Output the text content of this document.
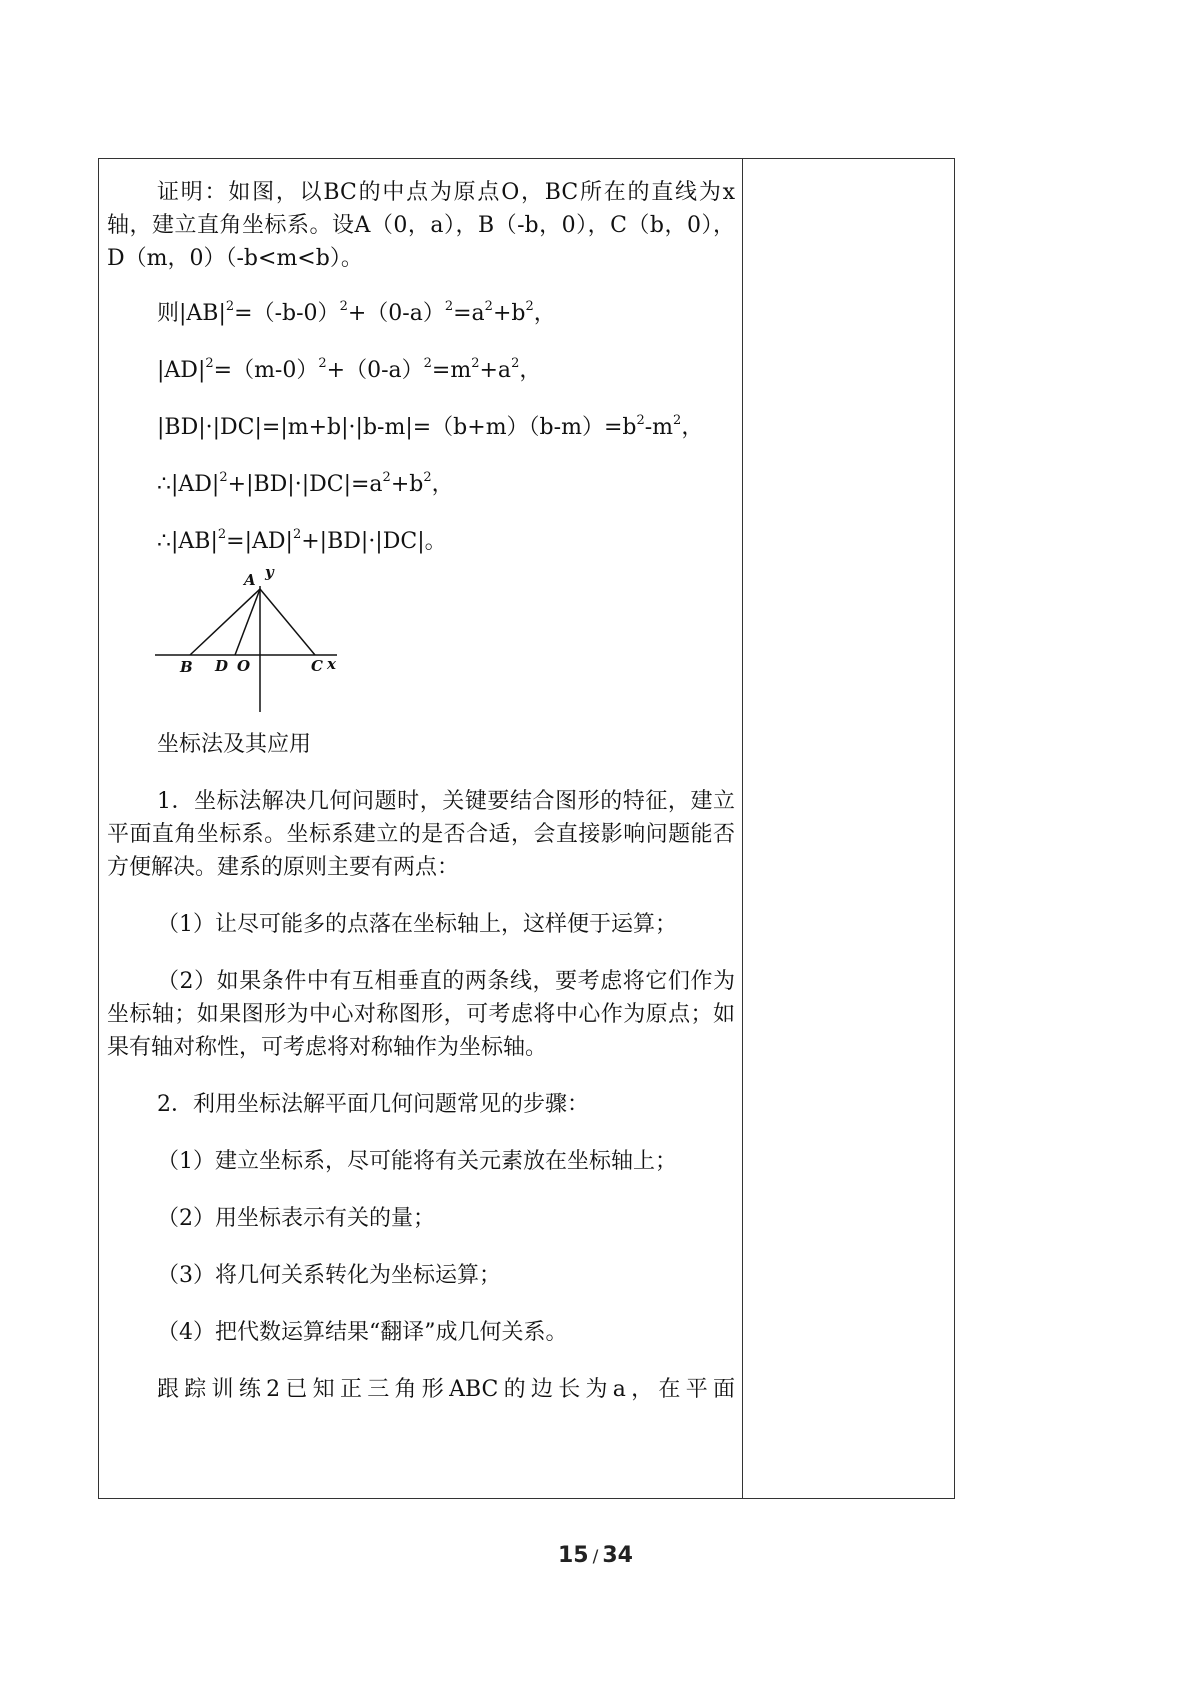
证明：如图，以BC的中点为原点O，BC所在的直线为x轴，建立直角坐标系。设A（0，a），B（-b，0），C（b，0），D（m，0）（-b<m<b）。

则$|AB|^2=(-b-0)^2+(0-a)^2=a^2+b^2$，

$|AD|^2=(m-0)^2+(0-a)^2=m^2+a^2$，

$|BD|\cdot|DC|=|m+b|\cdot|b-m|=(b+m)(b-m)=b^2-m^2$，

$\therefore|AD|^2+|BD|\cdot|DC|=a^2+b^2$，

$\therefore|AB|^2=|AD|^2+|BD|\cdot|DC|$。

A y
B D O	C x

坐标法及其应用

1．坐标法解决几何问题时，关键要结合图形的特征，建立平面直角坐标系。坐标系建立的是否合适，会直接影响问题能否方便解决。建系的原则主要有两点：

（1）让尽可能多的点落在坐标轴上，这样便于运算；

（2）如果条件中有互相垂直的两条线，要考虑将它们作为坐标轴；如果图形为中心对称图形，可考虑将中心作为原点；如果有轴对称性，可考虑将对称轴作为坐标轴。

2．利用坐标法解平面几何问题常见的步骤：

（1）建立坐标系，尽可能将有关元素放在坐标轴上；

（2）用坐标表示有关的量；

（3）将几何关系转化为坐标运算；

（4）把代数运算结果“翻译”成几何关系。

跟踪训练2已知正三角形ABC的边长为a，在平面

15 / 34
